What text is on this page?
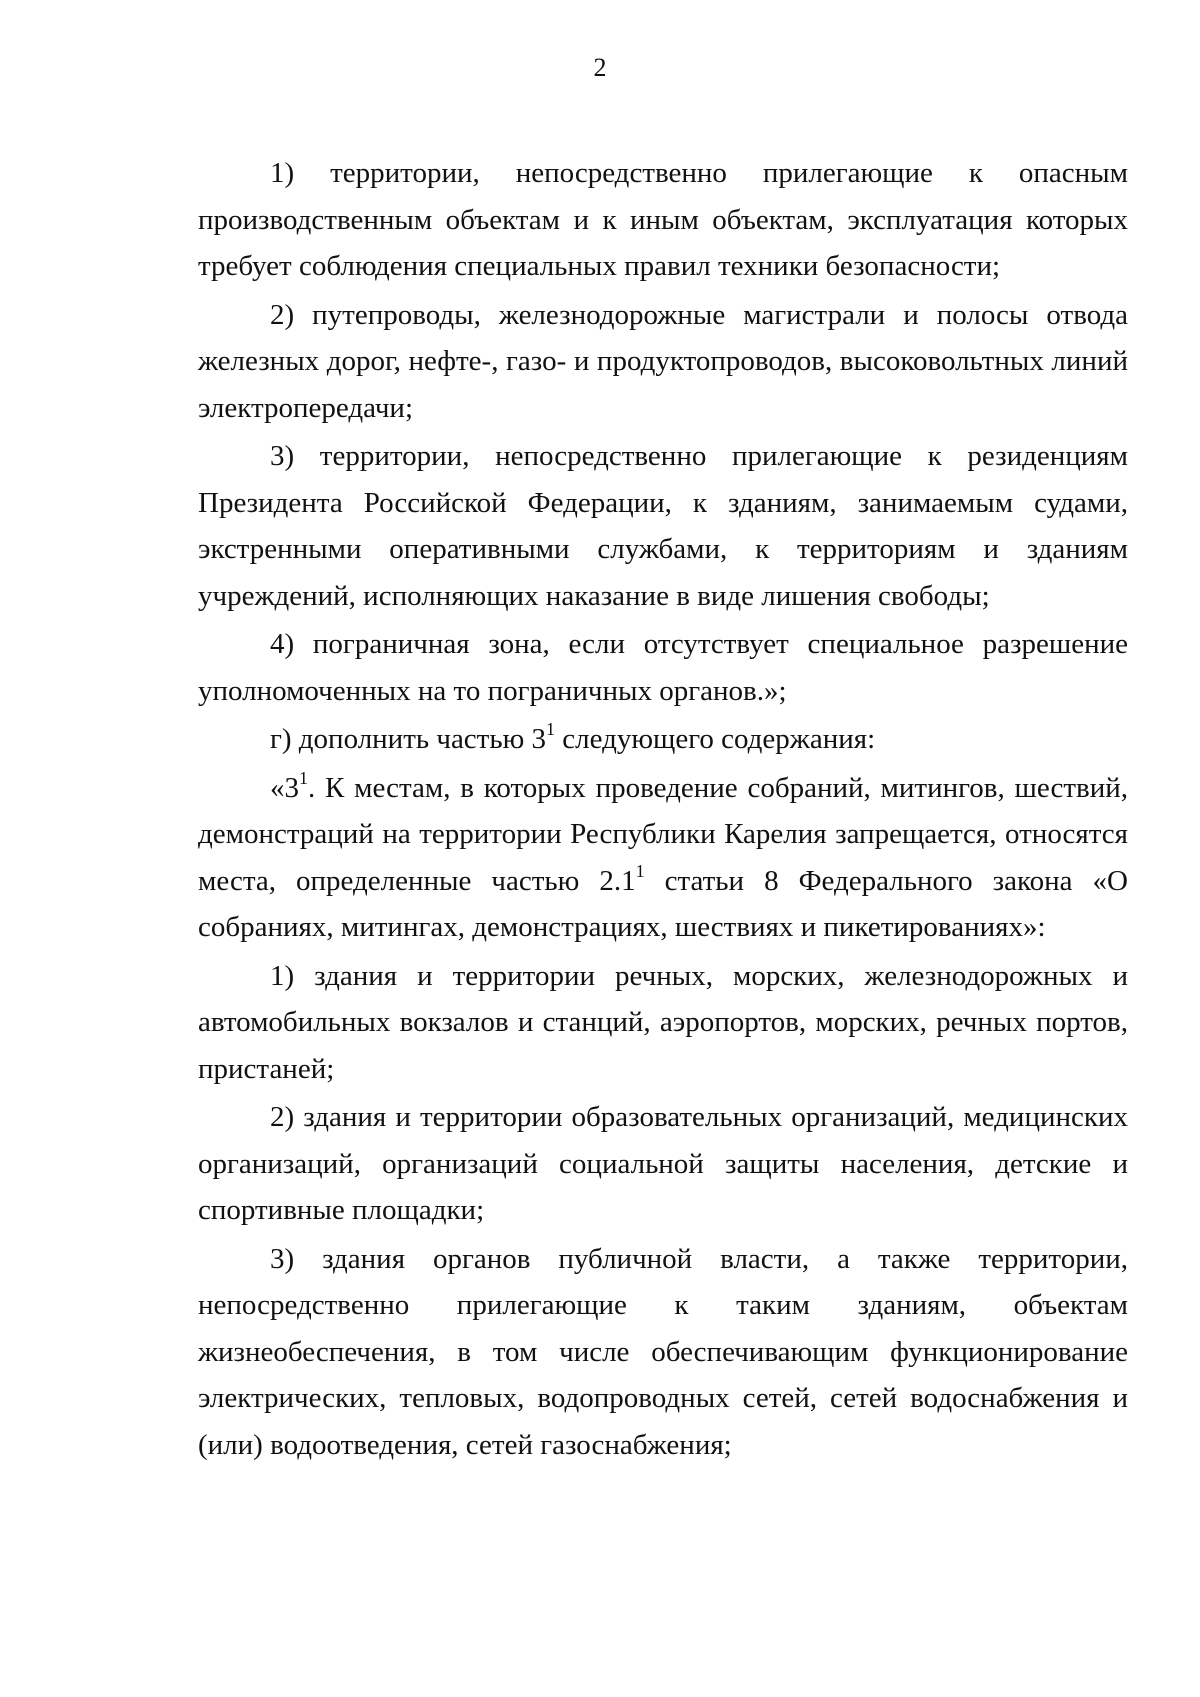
2

1) территории, непосредственно прилегающие к опасным производственным объектам и к иным объектам, эксплуатация которых требует соблюдения специальных правил техники безопасности;

2) путепроводы, железнодорожные магистрали и полосы отвода железных дорог, нефте-, газо- и продуктопроводов, высоковольтных линий электропередачи;

3) территории, непосредственно прилегающие к резиденциям Президента Российской Федерации, к зданиям, занимаемым судами, экстренными оперативными службами, к территориям и зданиям учреждений, исполняющих наказание в виде лишения свободы;

4) пограничная зона, если отсутствует специальное разрешение уполномоченных на то пограничных органов.»;

г) дополнить частью $3^1$ следующего содержания:

«$3^1$. К местам, в которых проведение собраний, митингов, шествий, демонстраций на территории Республики Карелия запрещается, относятся места, определенные частью $2.1^1$ статьи 8 Федерального закона «О собраниях, митингах, демонстрациях, шествиях и пикетированиях»:

1) здания и территории речных, морских, железнодорожных и автомобильных вокзалов и станций, аэропортов, морских, речных портов, пристаней;

2) здания и территории образовательных организаций, медицинских организаций, организаций социальной защиты населения, детские и спортивные площадки;

3) здания органов публичной власти, а также территории, непосредственно прилегающие к таким зданиям, объектам жизнеобеспечения, в том числе обеспечивающим функционирование электрических, тепловых, водопроводных сетей, сетей водоснабжения и (или) водоотведения, сетей газоснабжения;
